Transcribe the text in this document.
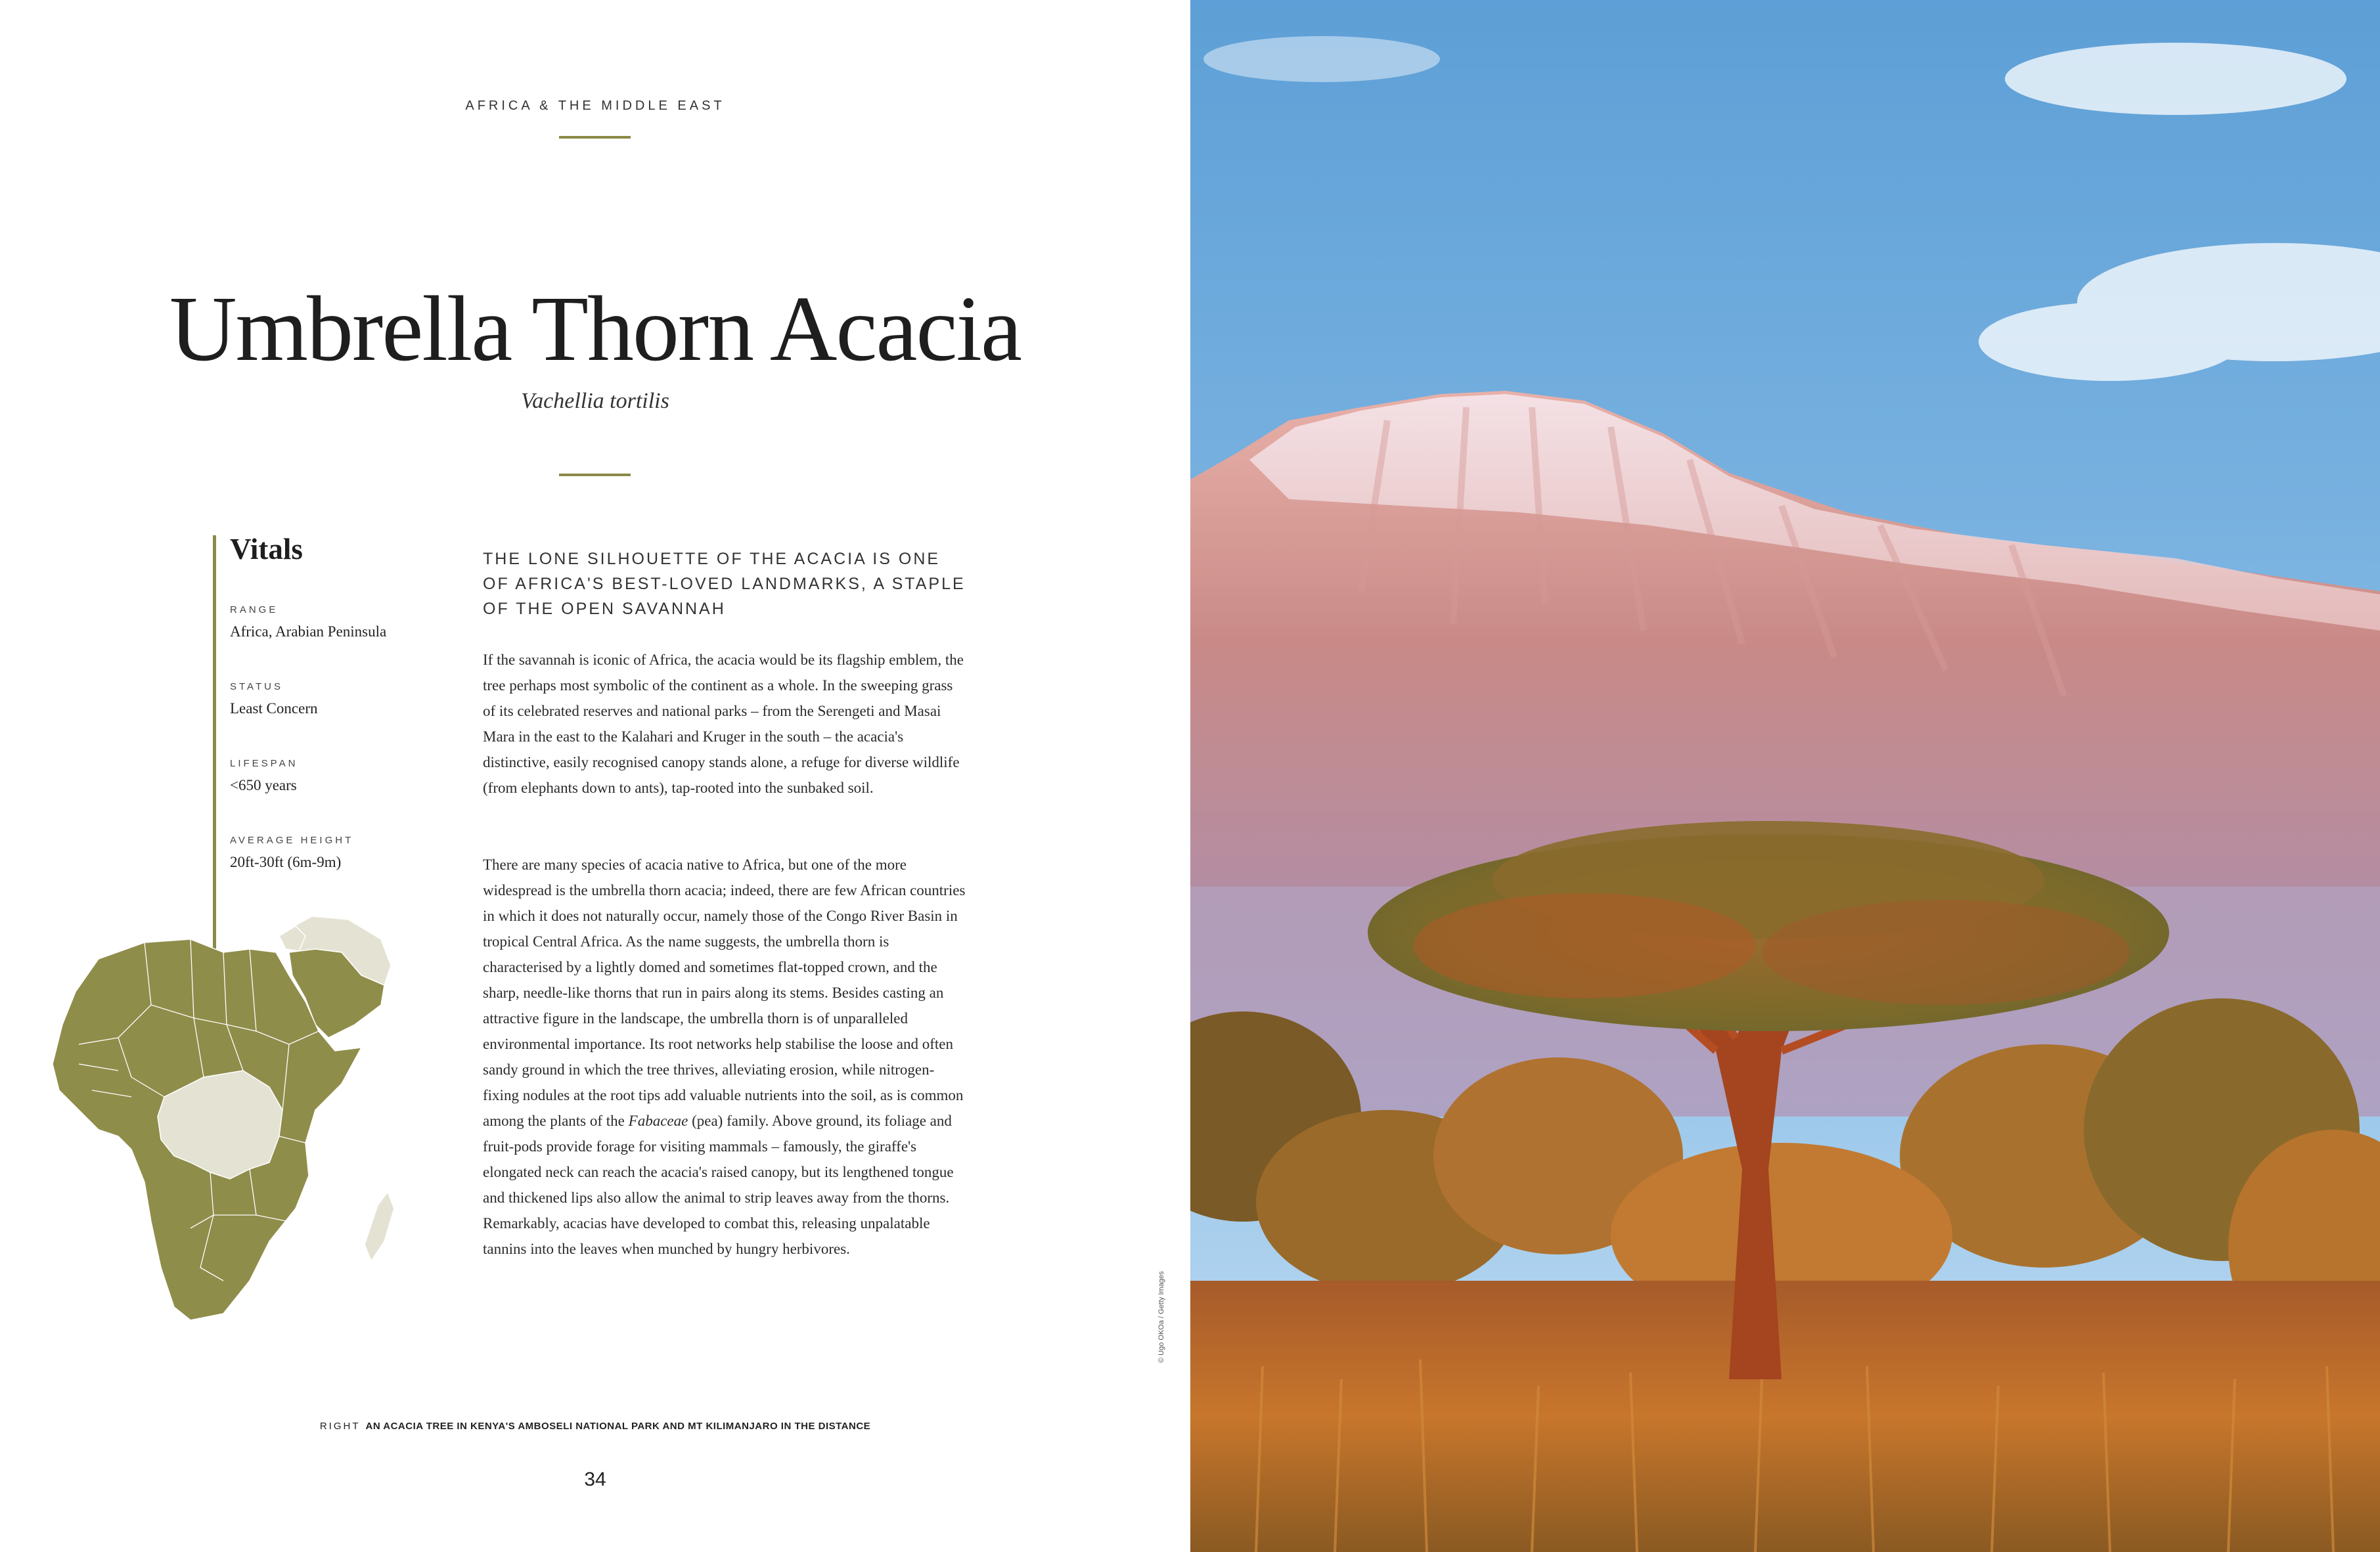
AFRICA & THE MIDDLE EAST
Umbrella Thorn Acacia
Vachellia tortilis
Vitals
RANGE
Africa, Arabian Peninsula
STATUS
Least Concern
LIFESPAN
<650 years
AVERAGE HEIGHT
20ft-30ft (6m-9m)
THE LONE SILHOUETTE OF THE ACACIA IS ONE OF AFRICA'S BEST-LOVED LANDMARKS, A STAPLE OF THE OPEN SAVANNAH

If the savannah is iconic of Africa, the acacia would be its flagship emblem, the tree perhaps most symbolic of the continent as a whole. In the sweeping grass of its celebrated reserves and national parks – from the Serengeti and Masai Mara in the east to the Kalahari and Kruger in the south – the acacia's distinctive, easily recognised canopy stands alone, a refuge for diverse wildlife (from elephants down to ants), tap-rooted into the sunbaked soil.

There are many species of acacia native to Africa, but one of the more widespread is the umbrella thorn acacia; indeed, there are few African countries in which it does not naturally occur, namely those of the Congo River Basin in tropical Central Africa. As the name suggests, the umbrella thorn is characterised by a lightly domed and sometimes flat-topped crown, and the sharp, needle-like thorns that run in pairs along its stems. Besides casting an attractive figure in the landscape, the umbrella thorn is of unparalleled environmental importance. Its root networks help stabilise the loose and often sandy ground in which the tree thrives, alleviating erosion, while nitrogen-fixing nodules at the root tips add valuable nutrients into the soil, as is common among the plants of the Fabaceae (pea) family. Above ground, its foliage and fruit-pods provide forage for visiting mammals – famously, the giraffe's elongated neck can reach the acacia's raised canopy, but its lengthened tongue and thickened lips also allow the animal to strip leaves away from the thorns. Remarkably, acacias have developed to combat this, releasing unpalatable tannins into the leaves when munched by hungry herbivores.

RIGHT AN ACACIA TREE IN KENYA'S AMBOSELI NATIONAL PARK AND MT KILIMANJARO IN THE DISTANCE
34
© Ugo OKOa / Getty Images
